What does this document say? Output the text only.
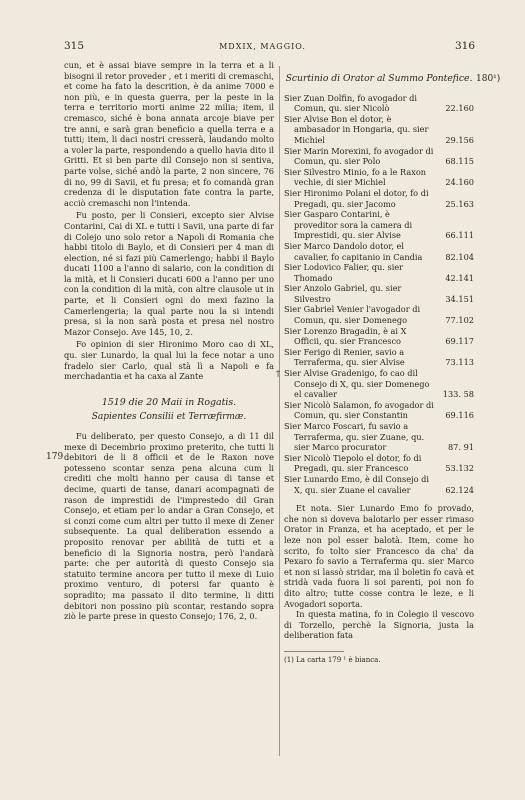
315	MDXIX, MAGGIO.	316
179
180¹)

cun, et è assai biave sempre in la terra et a li bisogni il retor proveder , et i meriti di cremaschi, et come ha fato la descrition, è da anime 7000 e non più, e in questa guerra, per la peste in la terra e territorio morti anime 22 milia; item, il cremasco, siché è bona annata arcoje biave per tre anni, e sarà gran beneficio a quella terra e a tutti; item, li daci nostri cresserà, laudando molto a voler la parte, respondendo a quello havia dito il Gritti. Et si ben parte dil Consejo non si sentiva, parte volse, siché andò la parte, 2 non sincere, 76 di no, 99 di Savii, et fu presa; et fo comandà gran credenza di le disputation fate contra la parte, acciò cremaschi non l'intenda.

Fu posto, per li Consieri, excepto sier Alvise Contarini, Cai di XL e tutti i Savii, una parte di far di Colejo uno solo retor a Napoli di Romania che habbi titolo di Baylo, et di Consieri per 4 man di election, né si fazi più Camerlengo; habbi il Baylo ducati 1100 a l'anno di salario, con la condition di la mità, et li Consieri ducati 600 a l'anno per uno con la condition di la mità, con altre clausole ut in parte, et li Consieri ogni do mexi fazino la Camerlengeria; la qual parte nou la si intendi presa, si la non sarà posta et presa nel nostro Mazor Consejo. Ave 145, 10, 2.

Fo opinion di sier Hironimo Moro cao di XL, qu. sier Lunardo, la qual lui la fece notar a uno fradelo sier Carlo, qual stà lì a Napoli e fa merchadantia et ha caxa al Zante

1519 die 20 Maii in Rogatis.
Sapientes Consilii et Terræfirmæ.

Fu deliberato, per questo Consejo, a di 11 dil mexe di Decembrio proximo preterito, che tutti li debitori de li 8 officii et de le Raxon nove potesseno scontar senza pena alcuna cum li crediti che molti hanno per causa di tanse et decime, quarti de tanse, danari acompagnati de rason de imprestidi de l'imprestedo dil Gran Consejo, et etiam per lo andar a Gran Consejo, et si conzi come cum altri per tutto il mexe di Zener subsequente. La qual deliberation essendo a proposito renovar per abilità de tutti et a beneficio di la Signoria nostra, però l'andarà parte: che per autorità di questo Consejo sia statuito termine ancora per tutto il mexe di Luio proximo venturo, di potersi far quanto è sopradito; ma passato il dito termine, li ditti debitori non possino più scontar, restando sopra ziò le parte prese in questo Consejo; 176, 2, 0.

Scurtinio di Orator al Summo Pontefice.
Sier Zuan Dolfin, fo avogador di Comun, qu. sier Nicolò	22.160
Sier Alvise Bon el dotor, è ambasador in Hongaria, qu. sier Michiel	29.156
Sier Marin Morexini, fo avogador di Comun, qu. sier Polo	68.115
Sier Silvestro Minio, fo a le Raxon vechie, di sier Michiel	24.160
Sier Hironimo Polani el dotor, fo di Pregadi, qu. sier Jacomo	25.163
Sier Gasparo Contarini, è proveditor sora la camera di Imprestidi, qu. sier Alvise	66.111
Sier Marco Dandolo dotor, el cavalier, fo capitanio in Candia	82.104
Sier Lodovico Falier, qu. sier Thomado	42.141
Sier Anzolo Gabriel, qu. sier Silvestro	34.151
Sier Gabriel Venier l'avogador di Comun, qu. sier Domenego	77.102
Sier Lorenzo Bragadin, è ai X Officii, qu. sier Francesco	69.117
Sier Ferigo di Renier, savio a Terraferma, qu. sier Alvise	73.113
† Sier Alvise Gradenigo, fo cao dil Consejo di X, qu. sier Domenego el cavalier	133. 58
Sier Nicolò Salamon, fo avogador di Comun, qu. sier Constantin	69.116
Sier Marco Foscari, fu savio a Terraferma, qu. sier Zuane, qu. sier Marco procurator	87. 91
Sier Nicolò Tiepolo el dotor, fo di Pregadi, qu. sier Francesco	53.132
Sier Lunardo Emo, è dil Consejo di X, qu. sier Zuane el cavalier	62.124

Et nota. Sier Lunardo Emo fo provado, che non si doveva balotarlo per esser rimaso Orator in Franza, et ha aceptado, et per le leze non pol esser balotà. Item, come ho scrito, fo tolto sier Francesco da cha' da Pexaro fo savio a Terraferma qu. sier Marco et non si lassò stridar, ma il boletin fo cavà et stridà vada fuora li soi parenti, poi non fo dito altro; tutte cosse contra le leze, e li Avogadori soporta.

In questa matina, fo in Colegio il vescovo di Torzello, perchè la Signoria, justa la deliberation fata

(1) La carta 179 ¹ è bianca.
